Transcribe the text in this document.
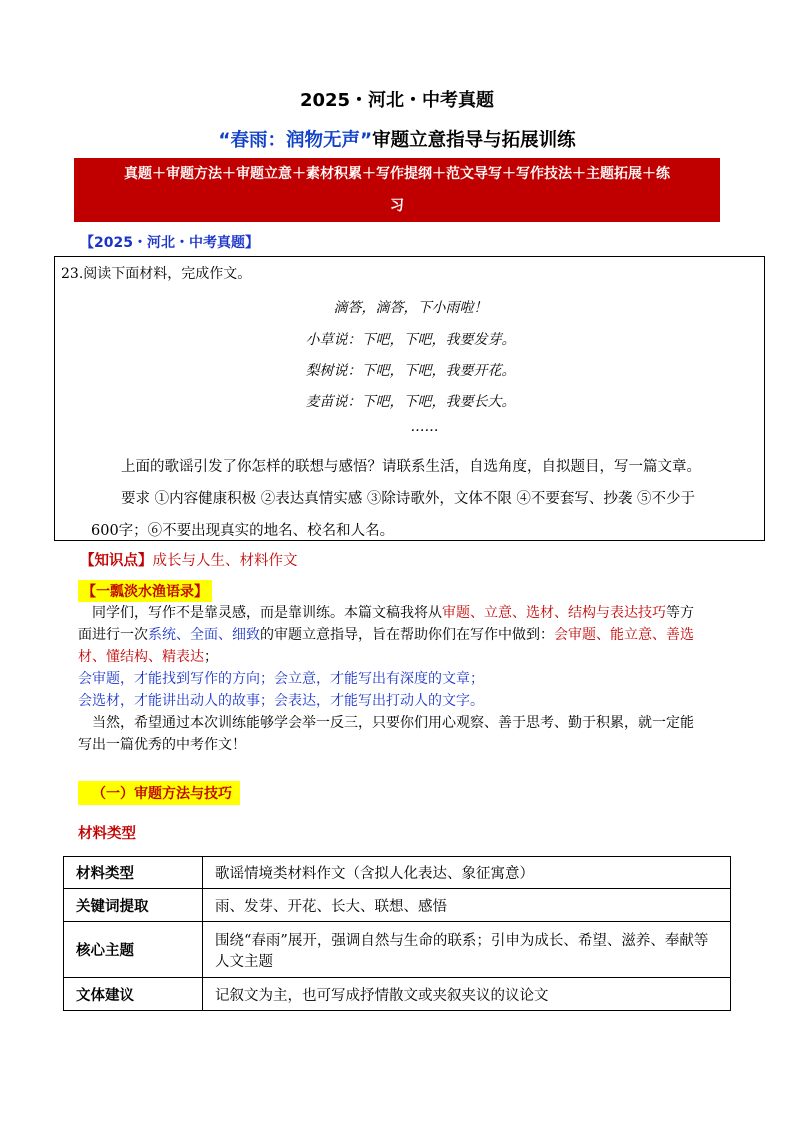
2025・河北・中考真题
“春雨：润物无声”审题立意指导与拓展训练
真题＋审题方法＋审题立意＋素材积累＋写作提纲＋范文导写＋写作技法＋主题拓展＋练
习
【2025・河北・中考真题】
23.阅读下面材料，完成作文。
滴答，滴答，下小雨啦！
小草说：下吧，下吧，我要发芽。
梨树说：下吧，下吧，我要开花。
麦苗说：下吧，下吧，我要长大。
……
上面的歌谣引发了你怎样的联想与感悟？请联系生活，自选角度，自拟题目，写一篇文章。
要求 ①内容健康积极 ②表达真情实感 ③除诗歌外，文体不限 ④不要套写、抄袭 ⑤不少于
600字；⑥不要出现真实的地名、校名和人名。
【知识点】成长与人生、材料作文
【一瓢淡水渔语录】
同学们，写作不是靠灵感，而是靠训练。本篇文稿我将从审题、立意、选材、结构与表达技巧等方
面进行一次系统、全面、细致的审题立意指导，旨在帮助你们在写作中做到：会审题、能立意、善选
材、懂结构、精表达；
会审题，才能找到写作的方向；会立意，才能写出有深度的文章；
会选材，才能讲出动人的故事；会表达，才能写出打动人的文字。
当然，希望通过本次训练能够学会举一反三，只要你们用心观察、善于思考、勤于积累，就一定能
写出一篇优秀的中考作文！
（一）审题方法与技巧
材料类型
材料类型	歌谣情境类材料作文（含拟人化表达、象征寓意）
关键词提取	雨、发芽、开花、长大、联想、感悟
核心主题	围绕“春雨”展开，强调自然与生命的联系；引申为成长、希望、滋养、奉献等人文主题
文体建议	记叙文为主，也可写成抒情散文或夹叙夹议的议论文
